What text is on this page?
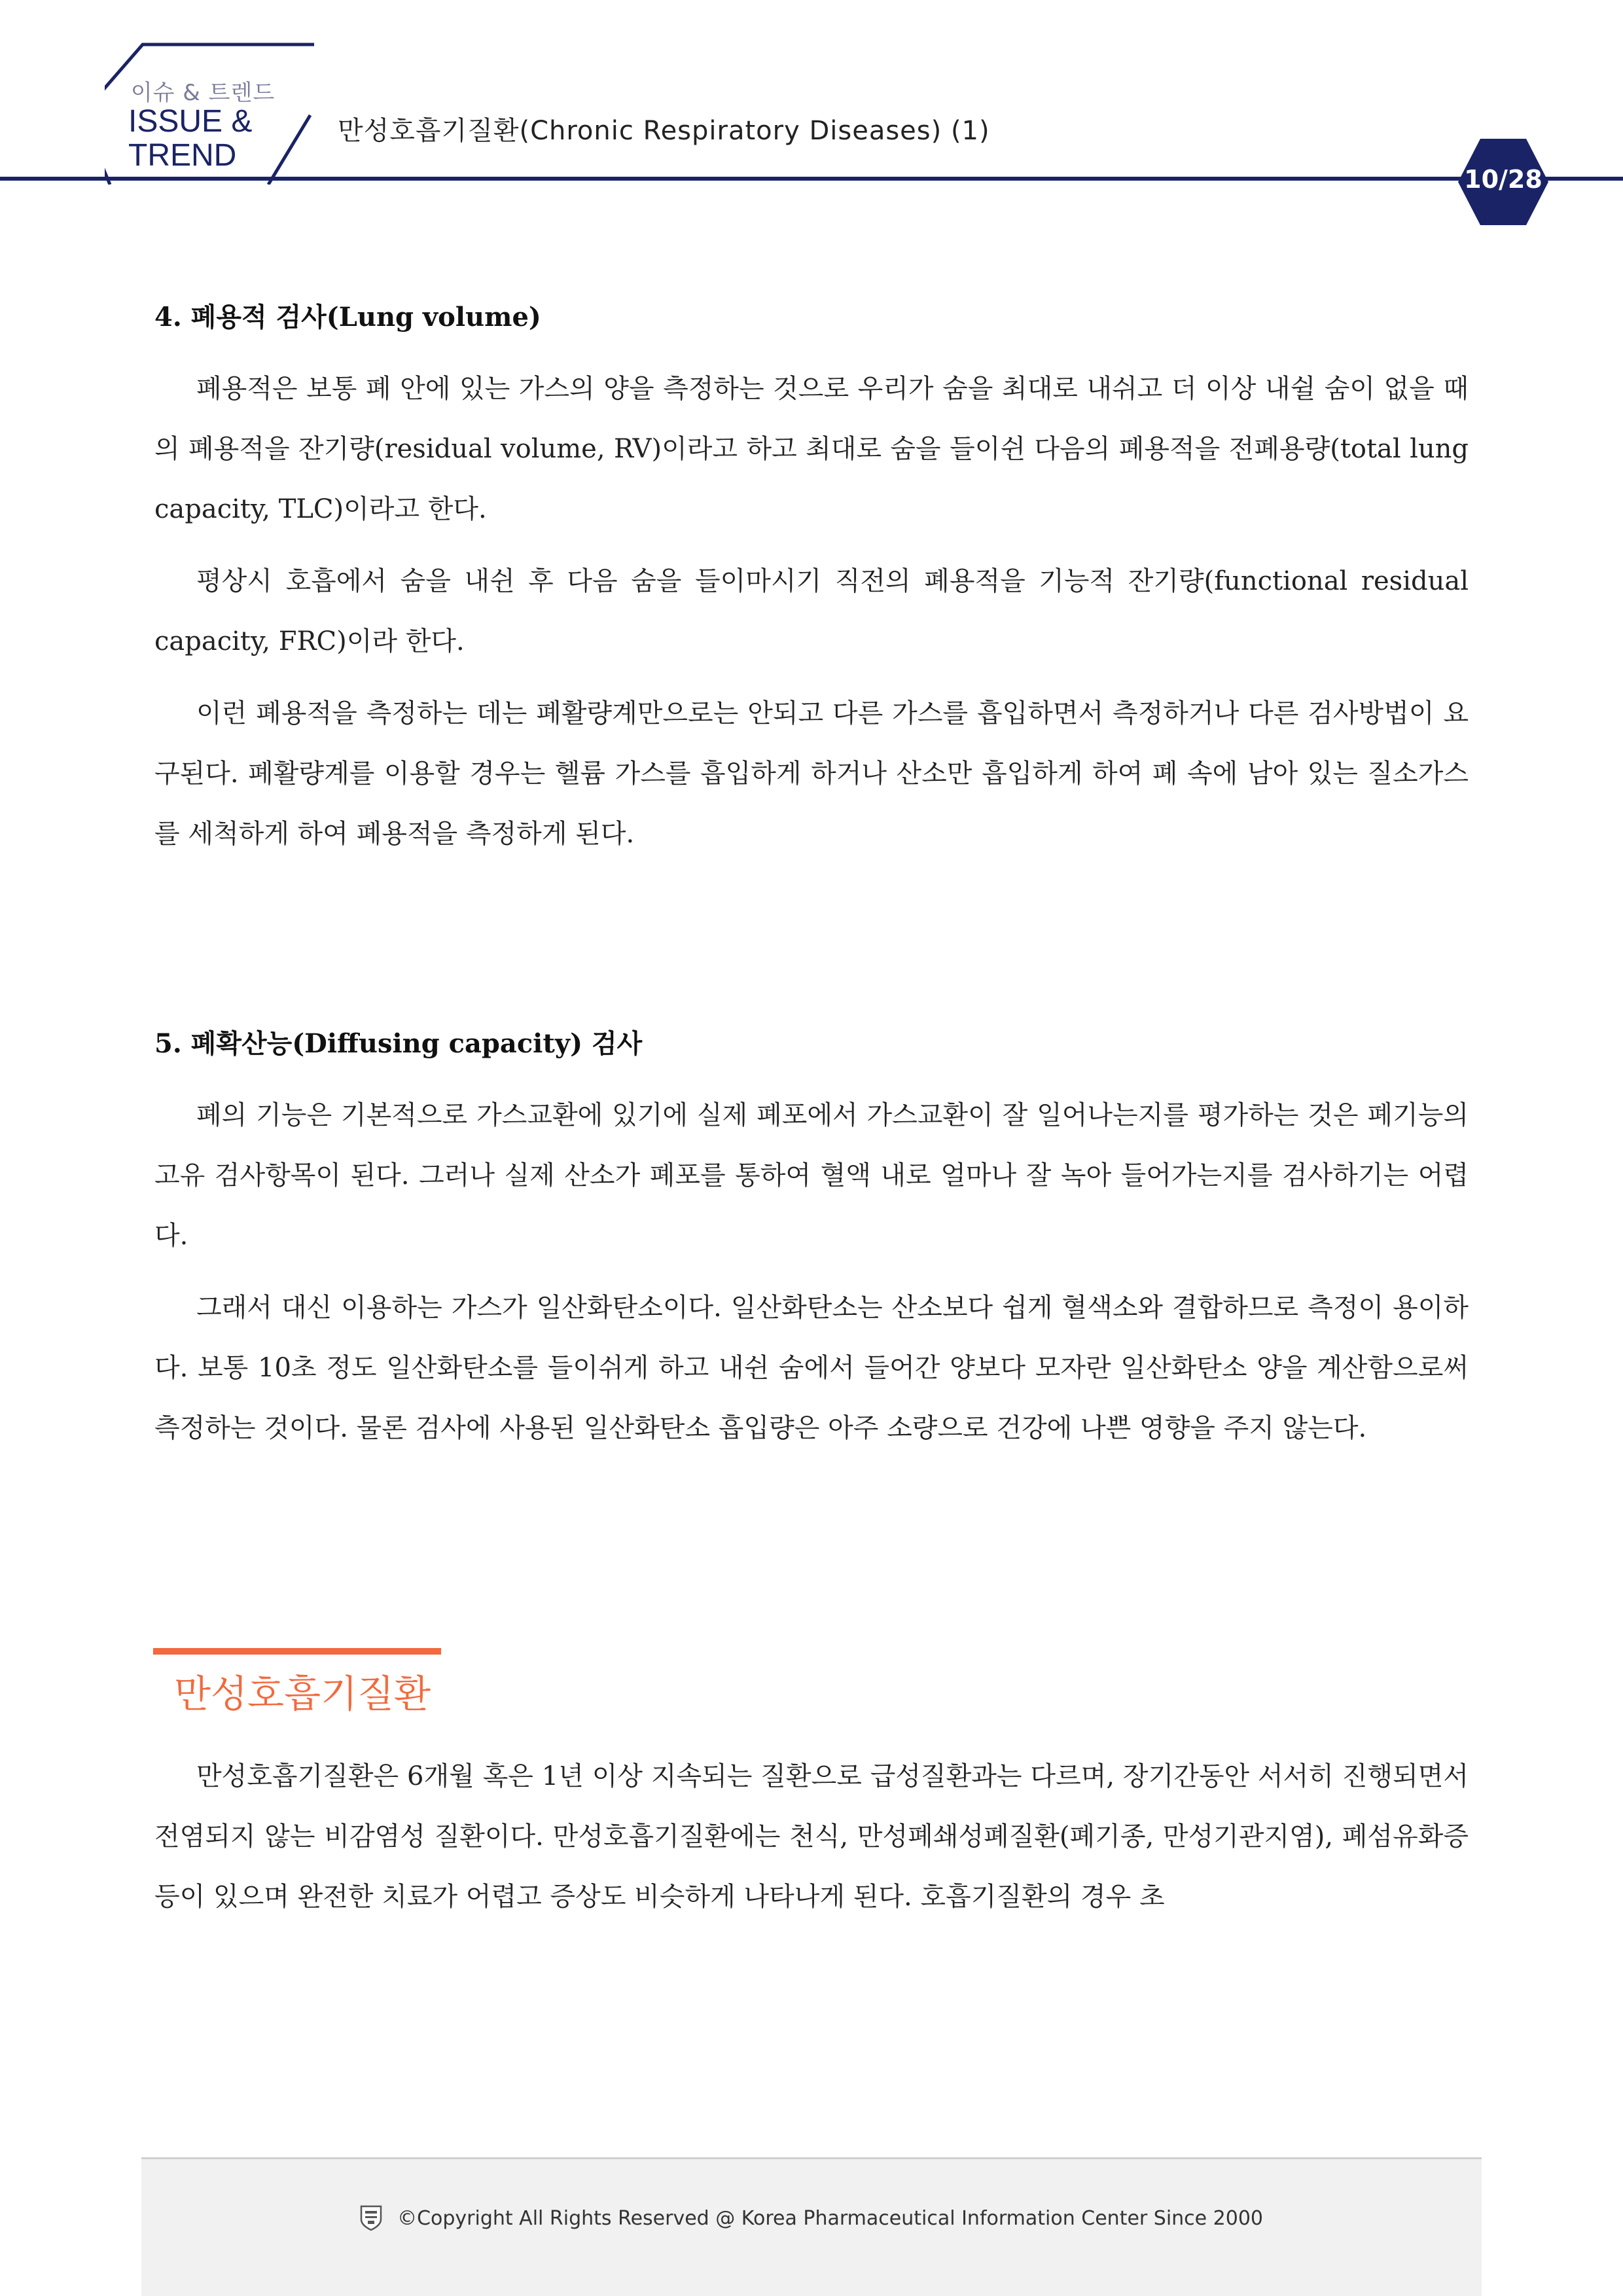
이슈 & 트렌드
ISSUE &
TREND
만성호흡기질환(Chronic Respiratory Diseases) (1)
10/28
4. 폐용적 검사(Lung volume)

폐용적은 보통 폐 안에 있는 가스의 양을 측정하는 것으로 우리가 숨을 최대로 내쉬고 더 이상 내쉴 숨이 없을 때의 폐용적을 잔기량(residual volume, RV)이라고 하고 최대로 숨을 들이쉰 다음의 폐용적을 전폐용량(total lung capacity, TLC)이라고 한다.

평상시 호흡에서 숨을 내쉰 후 다음 숨을 들이마시기 직전의 폐용적을 기능적 잔기량(functional residual capacity, FRC)이라 한다.

이런 폐용적을 측정하는 데는 폐활량계만으로는 안되고 다른 가스를 흡입하면서 측정하거나 다른 검사방법이 요구된다. 폐활량계를 이용할 경우는 헬륨 가스를 흡입하게 하거나 산소만 흡입하게 하여 폐 속에 남아 있는 질소가스를 세척하게 하여 폐용적을 측정하게 된다.

5. 폐확산능(Diffusing capacity) 검사

폐의 기능은 기본적으로 가스교환에 있기에 실제 폐포에서 가스교환이 잘 일어나는지를 평가하는 것은 폐기능의 고유 검사항목이 된다. 그러나 실제 산소가 폐포를 통하여 혈액 내로 얼마나 잘 녹아 들어가는지를 검사하기는 어렵다.

그래서 대신 이용하는 가스가 일산화탄소이다. 일산화탄소는 산소보다 쉽게 혈색소와 결합하므로 측정이 용이하다. 보통 10초 정도 일산화탄소를 들이쉬게 하고 내쉰 숨에서 들어간 양보다 모자란 일산화탄소 양을 계산함으로써 측정하는 것이다. 물론 검사에 사용된 일산화탄소 흡입량은 아주 소량으로 건강에 나쁜 영향을 주지 않는다.

만성호흡기질환

만성호흡기질환은 6개월 혹은 1년 이상 지속되는 질환으로 급성질환과는 다르며, 장기간동안 서서히 진행되면서 전염되지 않는 비감염성 질환이다. 만성호흡기질환에는 천식, 만성폐쇄성폐질환(폐기종, 만성기관지염), 폐섬유화증 등이 있으며 완전한 치료가 어렵고 증상도 비슷하게 나타나게 된다. 호흡기질환의 경우 초

©Copyright All Rights Reserved @ Korea Pharmaceutical Information Center Since 2000
